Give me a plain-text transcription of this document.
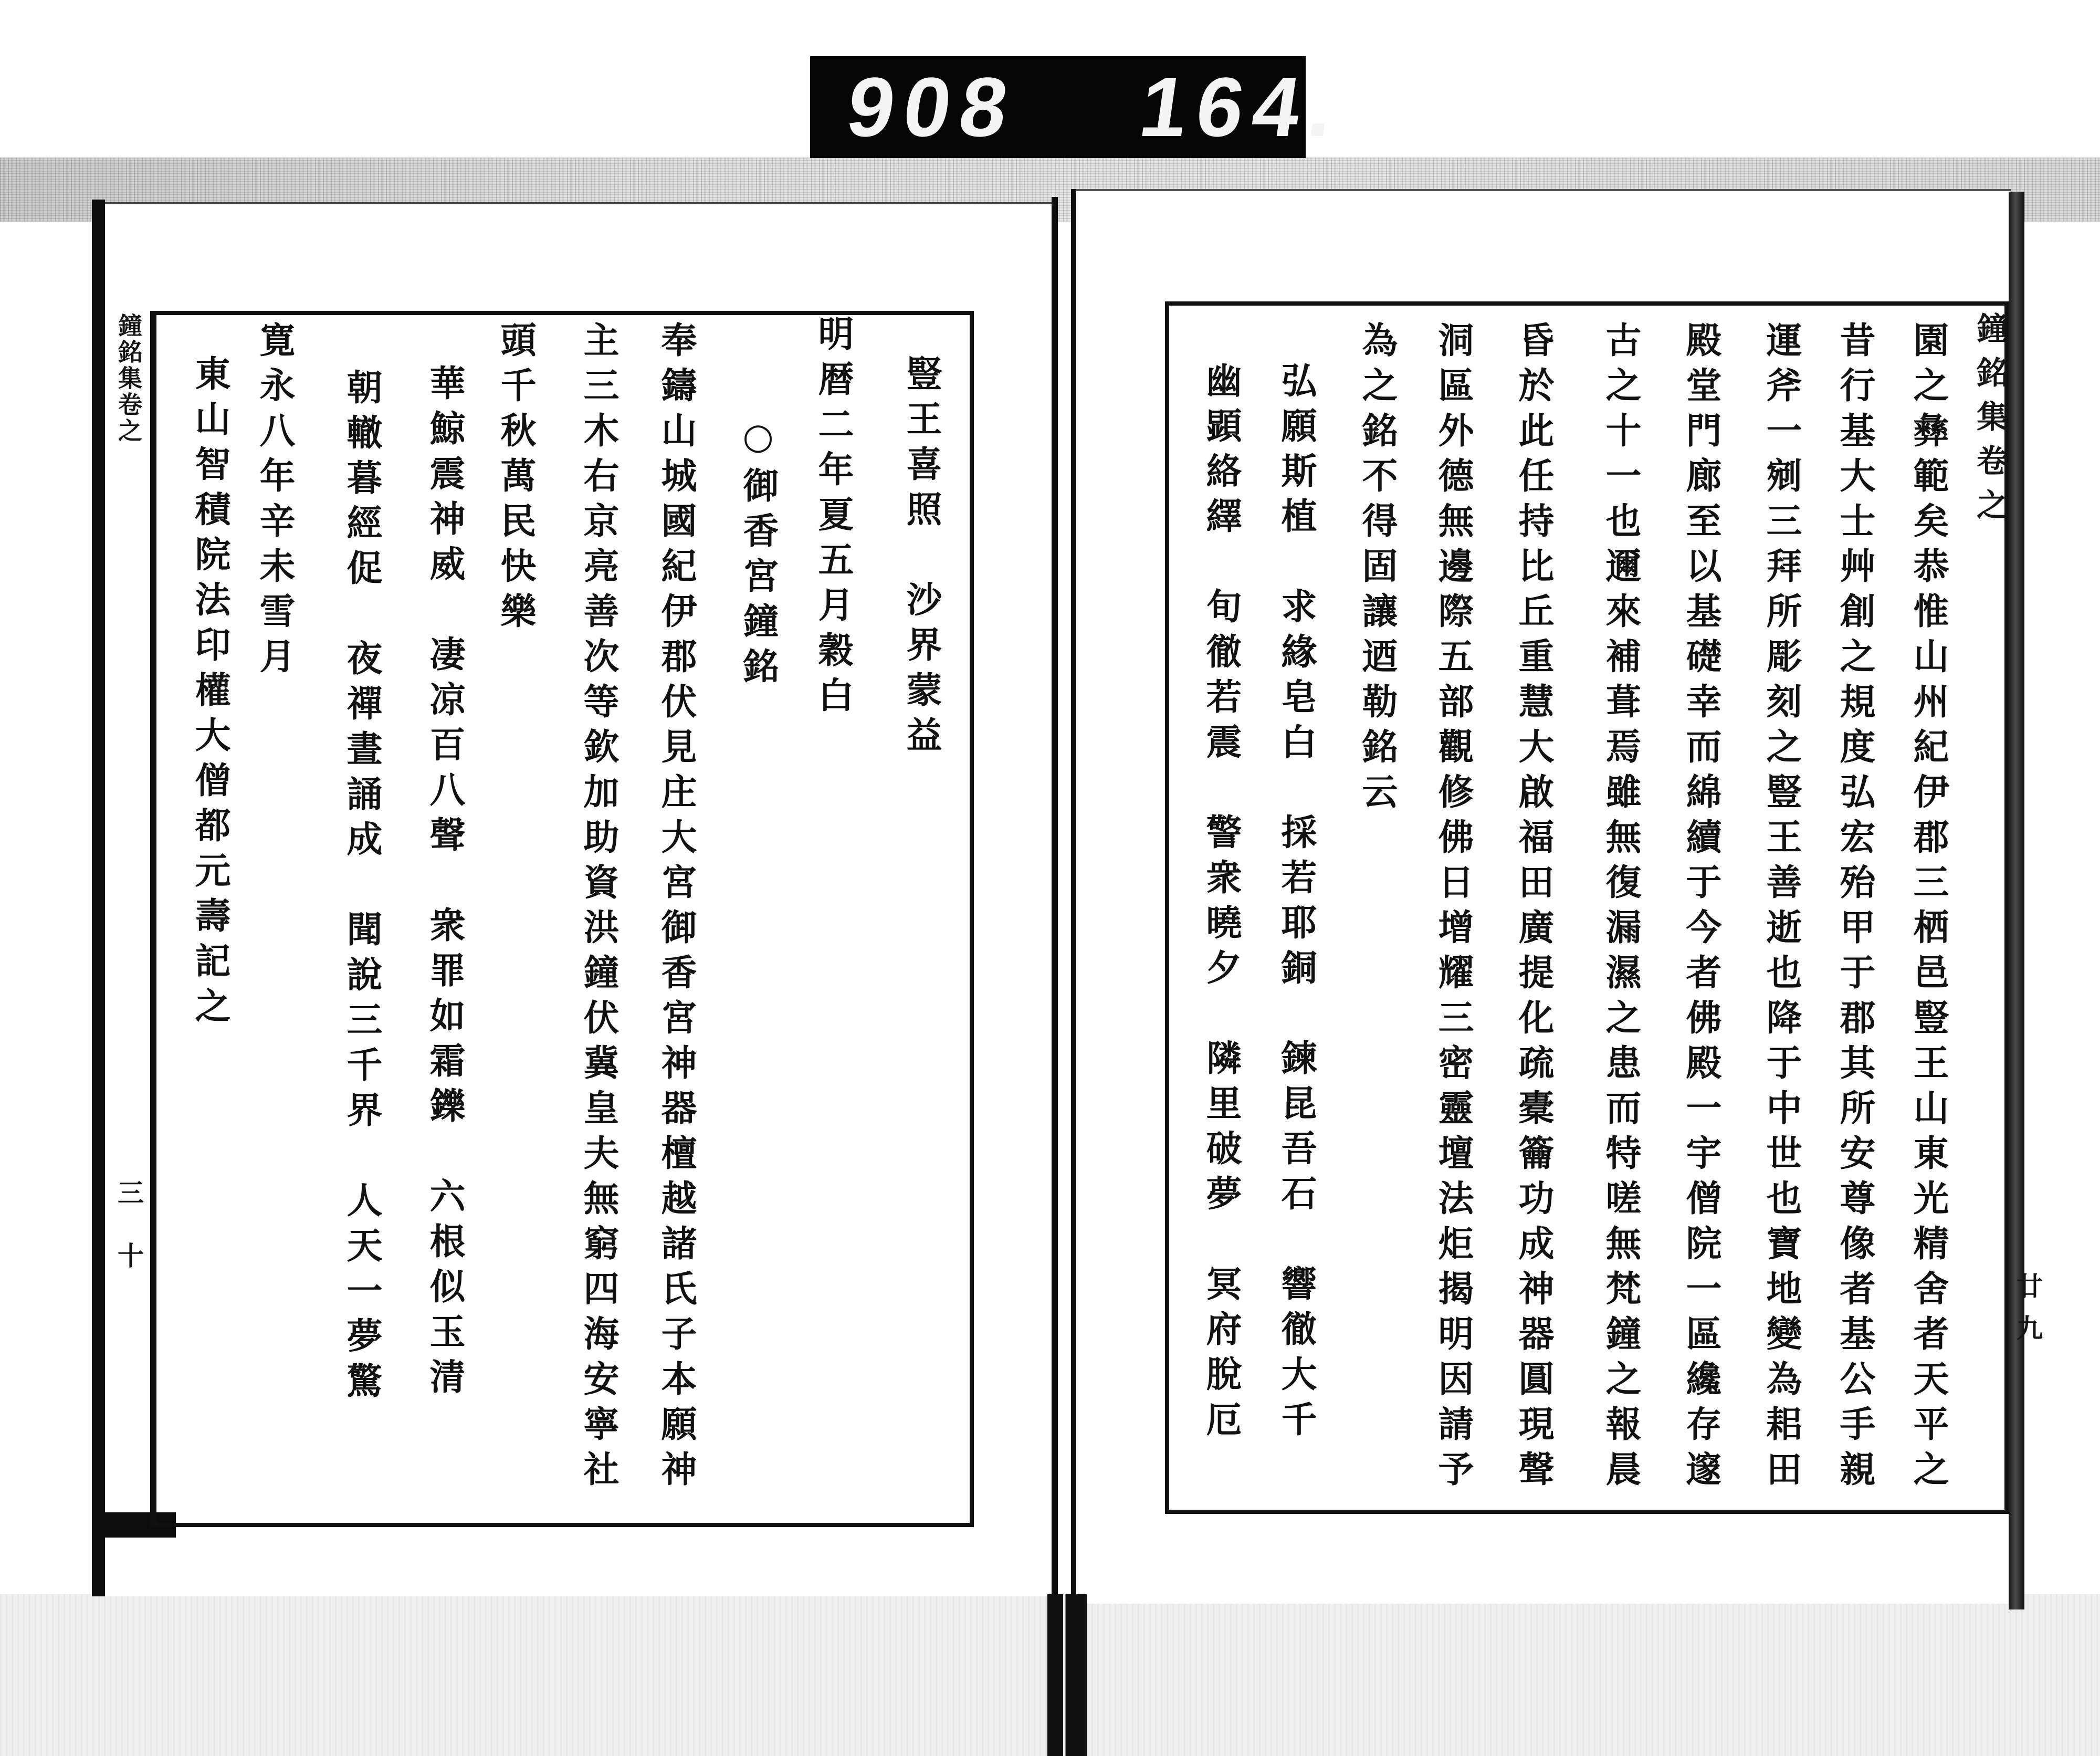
908 164.
鐘銘集卷之
廿九
園之彝範矣恭惟山州紀伊郡三栖邑豎王山東光精舍者天平之
昔行基大士艸創之規度弘宏殆甲于郡其所安尊像者基公手親
運斧一剜三拜所彫刻之豎王善逝也降于中世也寶地變為耜田
殿堂門廊至以基礎幸而綿續于今者佛殿一宇僧院一區纔存邃
古之十一也邇來補葺焉雖無復漏濕之患而特嗟無梵鐘之報晨
昏於此任持比丘重慧大啟福田廣提化疏橐籥功成神器圓現聲
洞區外德無邊際五部觀修佛日增耀三密靈壇法炬揭明因請予
為之銘不得固讓迺勒銘云
弘願斯植　求緣皂白　採若耶銅　鍊昆吾石　響徹大千
幽顕絡繹　旬徹若震　警衆曉夕　隣里破夢　冥府脫厄
鐘銘集卷之
三十
豎王喜照　沙界蒙益
明暦二年夏五月穀白
○御香宮鐘銘
奉鑄山城國紀伊郡伏見庄大宮御香宮神器檀越諸氏子本願神
主三木右京亮善次等欽加助資洪鐘伏冀皇夫無窮四海安寧社
頭千秋萬民快樂
華鯨震神威　凄凉百八聲　衆罪如霜鑠　六根似玉清
朝轍暮經促　夜禪晝誦成　聞說三千界　人天一夢驚
寛永八年辛未雪月
東山智積院法印權大僧都元壽記之
